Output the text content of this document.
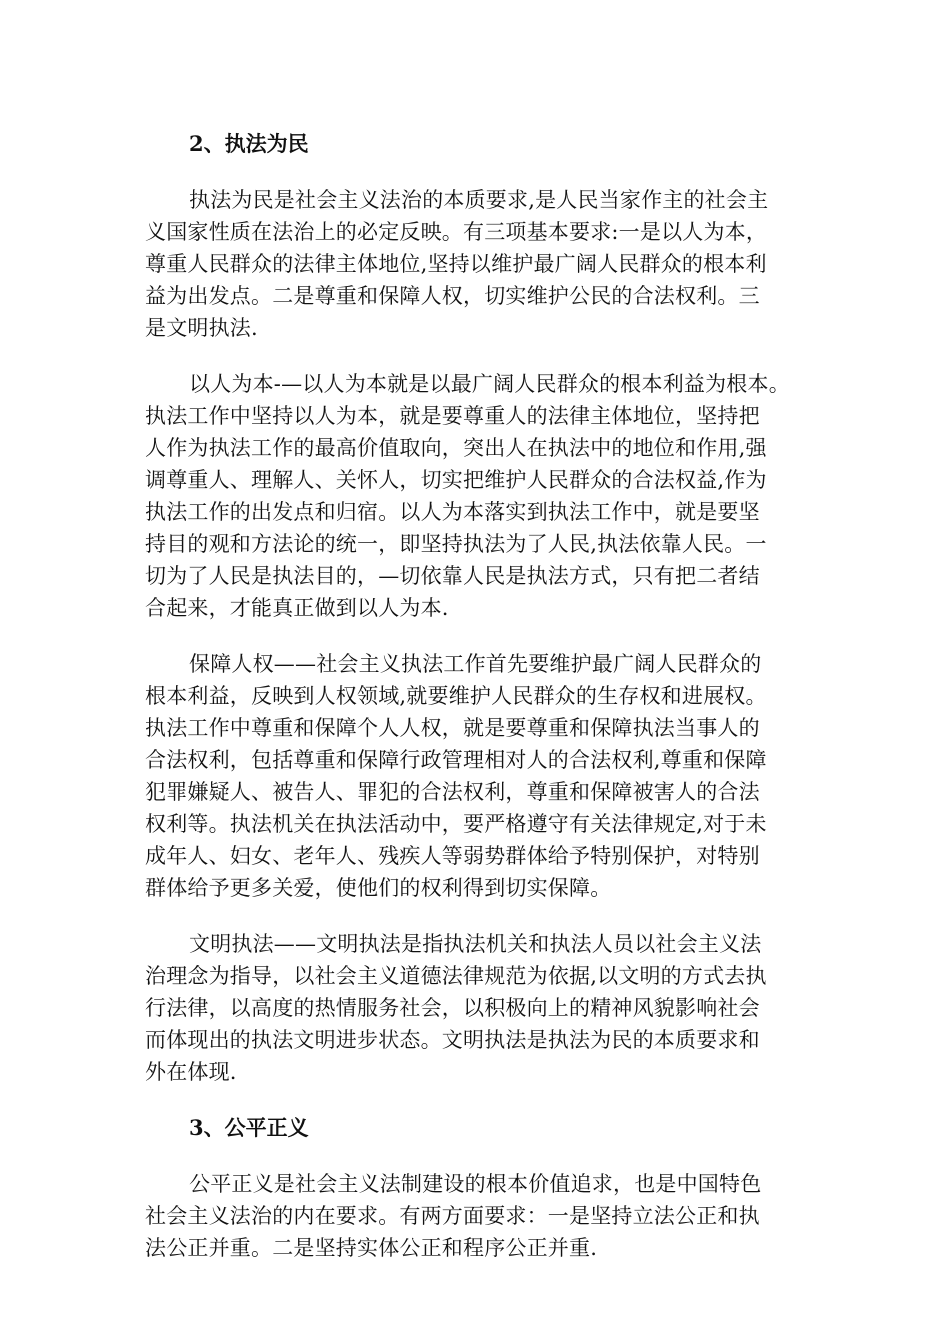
2、执法为民
执法为民是社会主义法治的本质要求,是人民当家作主的社会主
义国家性质在法治上的必定反映。有三项基本要求:一是以人为本，
尊重人民群众的法律主体地位,坚持以维护最广阔人民群众的根本利
益为出发点。二是尊重和保障人权，切实维护公民的合法权利。三
是文明执法.
以人为本-—以人为本就是以最广阔人民群众的根本利益为根本。
执法工作中坚持以人为本，就是要尊重人的法律主体地位，坚持把
人作为执法工作的最高价值取向，突出人在执法中的地位和作用,强
调尊重人、理解人、关怀人，切实把维护人民群众的合法权益,作为
执法工作的出发点和归宿。以人为本落实到执法工作中，就是要坚
持目的观和方法论的统一，即坚持执法为了人民,执法依靠人民。一
切为了人民是执法目的，—切依靠人民是执法方式，只有把二者结
合起来，才能真正做到以人为本.
保障人权——社会主义执法工作首先要维护最广阔人民群众的
根本利益，反映到人权领域,就要维护人民群众的生存权和进展权。
执法工作中尊重和保障个人人权，就是要尊重和保障执法当事人的
合法权利，包括尊重和保障行政管理相对人的合法权利,尊重和保障
犯罪嫌疑人、被告人、罪犯的合法权利，尊重和保障被害人的合法
权利等。执法机关在执法活动中，要严格遵守有关法律规定,对于未
成年人、妇女、老年人、残疾人等弱势群体给予特别保护，对特别
群体给予更多关爱，使他们的权利得到切实保障。
文明执法——文明执法是指执法机关和执法人员以社会主义法
治理念为指导，以社会主义道德法律规范为依据,以文明的方式去执
行法律，以高度的热情服务社会，以积极向上的精神风貌影响社会
而体现出的执法文明进步状态。文明执法是执法为民的本质要求和
外在体现.
3、公平正义
公平正义是社会主义法制建设的根本价值追求，也是中国特色
社会主义法治的内在要求。有两方面要求：一是坚持立法公正和执
法公正并重。二是坚持实体公正和程序公正并重.
